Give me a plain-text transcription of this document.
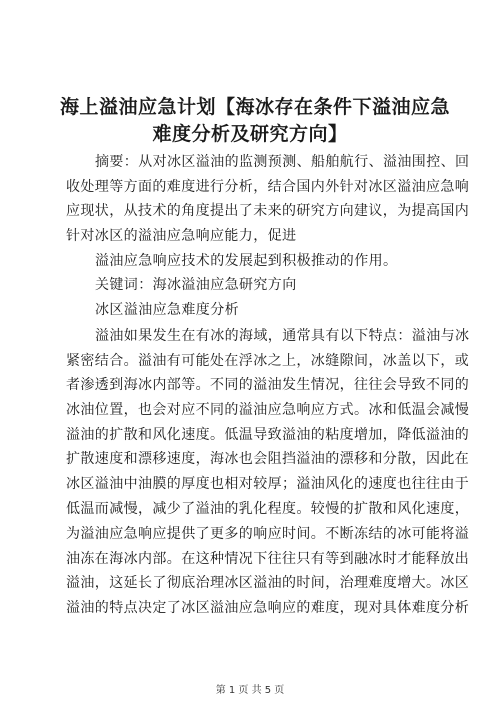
海上溢油应急计划【海冰存在条件下溢油应急
难度分析及研究方向】

摘要：从对冰区溢油的监测预测、船舶航行、溢油围控、回

收处理等方面的难度进行分析，结合国内外针对冰区溢油应急响

应现状，从技术的角度提出了未来的研究方向建议，为提高国内

针对冰区的溢油应急响应能力，促进

溢油应急响应技术的发展起到积极推动的作用。

关键词：海冰溢油应急研究方向

冰区溢油应急难度分析

溢油如果发生在有冰的海域，通常具有以下特点：溢油与冰

紧密结合。溢油有可能处在浮冰之上，冰缝隙间，冰盖以下，或

者渗透到海冰内部等。不同的溢油发生情况，往往会导致不同的

冰油位置，也会对应不同的溢油应急响应方式。冰和低温会减慢

溢油的扩散和风化速度。低温导致溢油的粘度增加，降低溢油的

扩散速度和漂移速度，海冰也会阻挡溢油的漂移和分散，因此在

冰区溢油中油膜的厚度也相对较厚；溢油风化的速度也往往由于

低温而减慢，减少了溢油的乳化程度。较慢的扩散和风化速度，

为溢油应急响应提供了更多的响应时间。不断冻结的冰可能将溢

油冻在海冰内部。在这种情况下往往只有等到融冰时才能释放出

溢油，这延长了彻底治理冰区溢油的时间，治理难度增大。冰区

溢油的特点决定了冰区溢油应急响应的难度，现对具体难度分析

第 1 页 共 5 页
